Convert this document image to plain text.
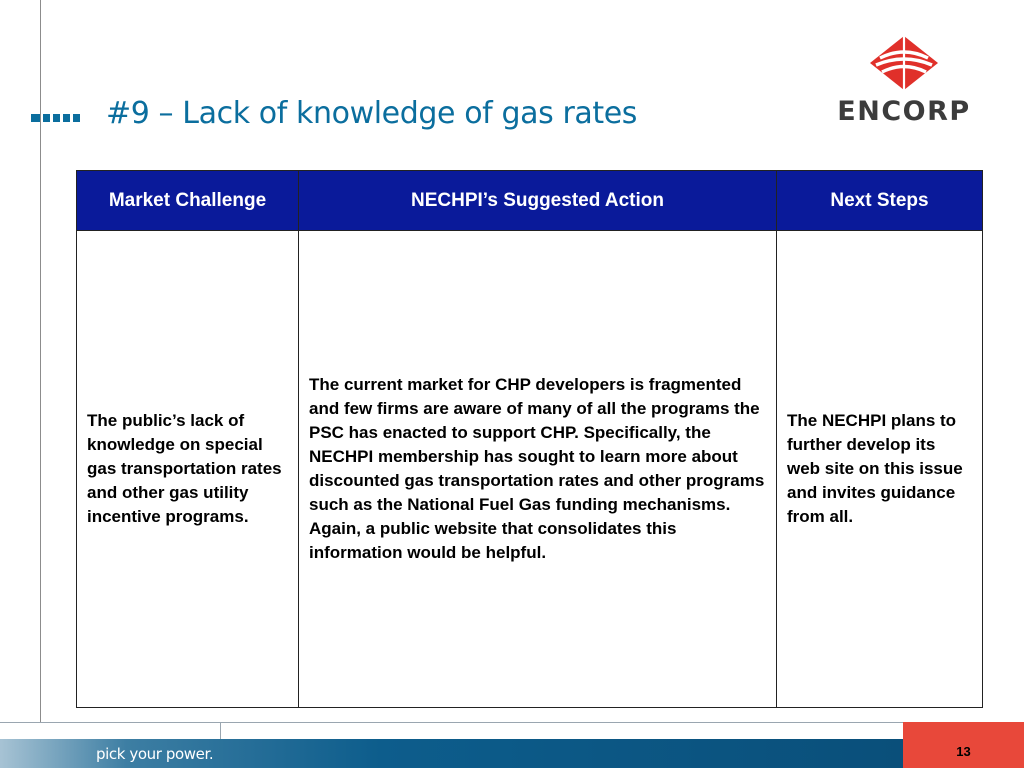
#9 – Lack of knowledge of gas rates	ENCORP
Market Challenge	NECHPI’s Suggested Action	Next Steps
The public’s lack of knowledge on special gas transportation rates and other gas utility incentive programs.	The current market for CHP developers is fragmented and few firms are aware of many of all the programs the PSC has enacted to support CHP. Specifically, the NECHPI membership has sought to learn more about discounted gas transportation rates and other programs such as the National Fuel Gas funding mechanisms. Again, a public website that consolidates this information would be helpful.	The NECHPI plans to further develop its web site on this issue and invites guidance from all.
pick your power.	13
